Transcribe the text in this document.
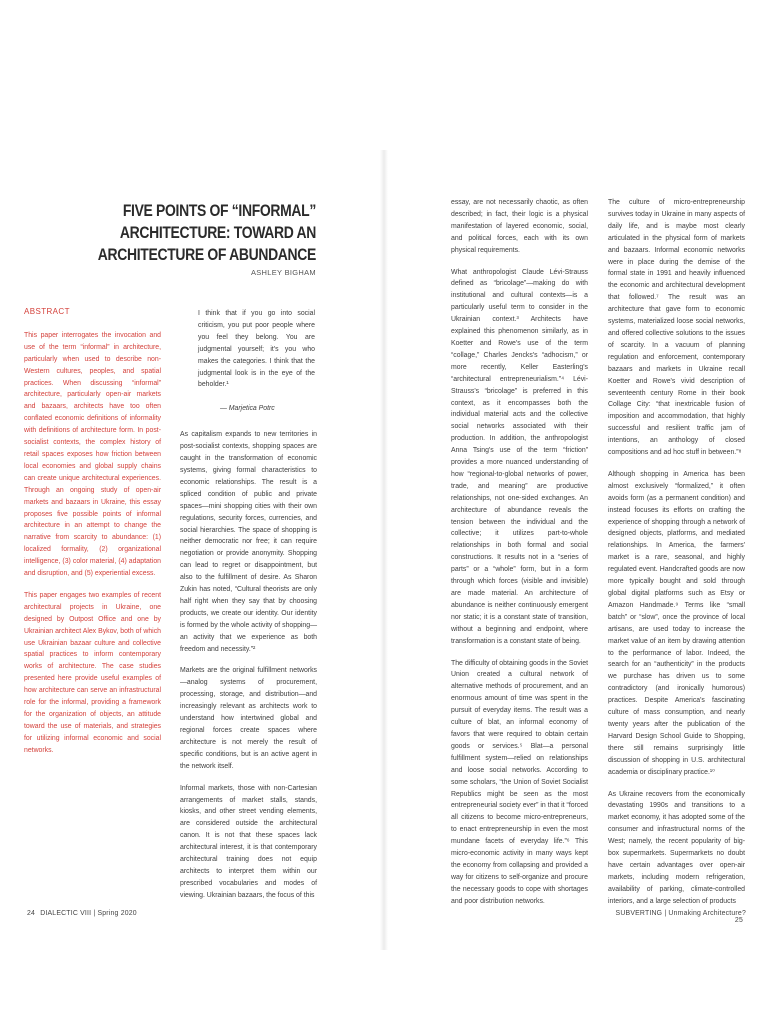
FIVE POINTS OF “INFORMAL” ARCHITECTURE: TOWARD AN
ARCHITECTURE OF ABUNDANCE
ASHLEY BIGHAM
ABSTRACT

This paper interrogates the invocation and use of the term “informal” in architecture, particularly when used to describe non-Western cultures, peoples, and spatial practices. When discussing “informal” architecture, particularly open-air markets and bazaars, architects have too often conflated economic definitions of informality with definitions of architecture form. In post-socialist contexts, the complex history of retail spaces exposes how friction between local economies and global supply chains can create unique architectural experiences. Through an ongoing study of open-air markets and bazaars in Ukraine, this essay proposes five possible points of informal architecture in an attempt to change the narrative from scarcity to abundance: (1) localized formality, (2) organizational intelligence, (3) color material, (4) adaptation and disruption, and (5) experiential excess.

This paper engages two examples of recent architectural projects in Ukraine, one designed by Outpost Office and one by Ukrainian architect Alex Bykov, both of which use Ukrainian bazaar culture and collective spatial practices to inform contemporary works of architecture. The case studies presented here provide useful examples of how architecture can serve an infrastructural role for the informal, providing a framework for the organization of objects, an attitude toward the use of materials, and strategies for utilizing informal economic and social networks.

I think that if you go into social criticism, you put poor people where you feel they belong. You are judgmental yourself; it's you who makes the categories. I think that the judgmental look is in the eye of the beholder.¹
— Marjetica Potrc

As capitalism expands to new territories in post-socialist contexts, shopping spaces are caught in the transformation of economic systems, giving formal characteristics to economic relationships. The result is a spliced condition of public and private spaces—mini shopping cities with their own regulations, security forces, currencies, and social hierarchies. The space of shopping is neither democratic nor free; it can require negotiation or provide anonymity. Shopping can lead to regret or disappointment, but also to the fulfillment of desire. As Sharon Zukin has noted, “Cultural theorists are only half right when they say that by choosing products, we create our identity. Our identity is formed by the whole activity of shopping—an activity that we experience as both freedom and necessity.”²

Markets are the original fulfillment networks—analog systems of procurement, processing, storage, and distribution—and increasingly relevant as architects work to understand how intertwined global and regional forces create spaces where architecture is not merely the result of specific conditions, but is an active agent in the network itself.

Informal markets, those with non-Cartesian arrangements of market stalls, stands, kiosks, and other street vending elements, are considered outside the architectural canon. It is not that these spaces lack architectural interest, it is that contemporary architectural training does not equip architects to interpret them within our prescribed vocabularies and modes of viewing. Ukrainian bazaars, the focus of this

24 DIALECTIC VIII | Spring 2020

essay, are not necessarily chaotic, as often described; in fact, their logic is a physical manifestation of layered economic, social, and political forces, each with its own physical requirements.

What anthropologist Claude Lévi-Strauss defined as “bricolage”—making do with institutional and cultural contexts—is a particularly useful term to consider in the Ukrainian context.³ Architects have explained this phenomenon similarly, as in Koetter and Rowe's use of the term “collage,” Charles Jencks's “adhocism,” or more recently, Keller Easterling's “architectural entrepreneurialism.”⁴ Lévi-Strauss's “bricolage” is preferred in this context, as it encompasses both the individual material acts and the collective social networks associated with their production. In addition, the anthropologist Anna Tsing's use of the term “friction” provides a more nuanced understanding of how “regional-to-global networks of power, trade, and meaning” are productive relationships, not one-sided exchanges. An architecture of abundance reveals the tension between the individual and the collective; it utilizes part-to-whole relationships in both formal and social constructions. It results not in a “series of parts” or a “whole” form, but in a form through which forces (visible and invisible) are made material. An architecture of abundance is neither continuously emergent nor static; it is a constant state of transition, without a beginning and endpoint, where transformation is a constant state of being.

The difficulty of obtaining goods in the Soviet Union created a cultural network of alternative methods of procurement, and an enormous amount of time was spent in the pursuit of everyday items. The result was a culture of blat, an informal economy of favors that were required to obtain certain goods or services.⁵ Blat—a personal fulfillment system—relied on relationships and loose social networks. According to some scholars, “the Union of Soviet Socialist Republics might be seen as the most entrepreneurial society ever” in that it “forced all citizens to become micro-entrepreneurs, to enact entrepreneurship in even the most mundane facets of everyday life.”⁶ This micro-economic activity in many ways kept the economy from collapsing and provided a way for citizens to self-organize and procure the necessary goods to cope with shortages and poor distribution networks.

The culture of micro-entrepreneurship survives today in Ukraine in many aspects of daily life, and is maybe most clearly articulated in the physical form of markets and bazaars. Informal economic networks were in place during the demise of the formal state in 1991 and heavily influenced the economic and architectural development that followed.⁷ The result was an architecture that gave form to economic systems, materialized loose social networks, and offered collective solutions to the issues of scarcity. In a vacuum of planning regulation and enforcement, contemporary bazaars and markets in Ukraine recall Koetter and Rowe's vivid description of seventeenth century Rome in their book Collage City: “that inextricable fusion of imposition and accommodation, that highly successful and resilient traffic jam of intentions, an anthology of closed compositions and ad hoc stuff in between.”⁸

Although shopping in America has been almost exclusively “formalized,” it often avoids form (as a permanent condition) and instead focuses its efforts on crafting the experience of shopping through a network of designed objects, platforms, and mediated relationships. In America, the farmers' market is a rare, seasonal, and highly regulated event. Handcrafted goods are now more typically bought and sold through global digital platforms such as Etsy or Amazon Handmade.⁹ Terms like “small batch” or “slow”, once the province of local artisans, are used today to increase the market value of an item by drawing attention to the performance of labor. Indeed, the search for an “authenticity” in the products we purchase has driven us to some contradictory (and ironically humorous) practices. Despite America's fascinating culture of mass consumption, and nearly twenty years after the publication of the Harvard Design School Guide to Shopping, there still remains surprisingly little discussion of shopping in U.S. architectural academia or disciplinary practice.¹⁰

As Ukraine recovers from the economically devastating 1990s and transitions to a market economy, it has adopted some of the consumer and infrastructural norms of the West; namely, the recent popularity of big-box supermarkets. Supermarkets no doubt have certain advantages over open-air markets, including modern refrigeration, availability of parking, climate-controlled interiors, and a large selection of products

SUBVERTING | Unmaking Architecture? 25
